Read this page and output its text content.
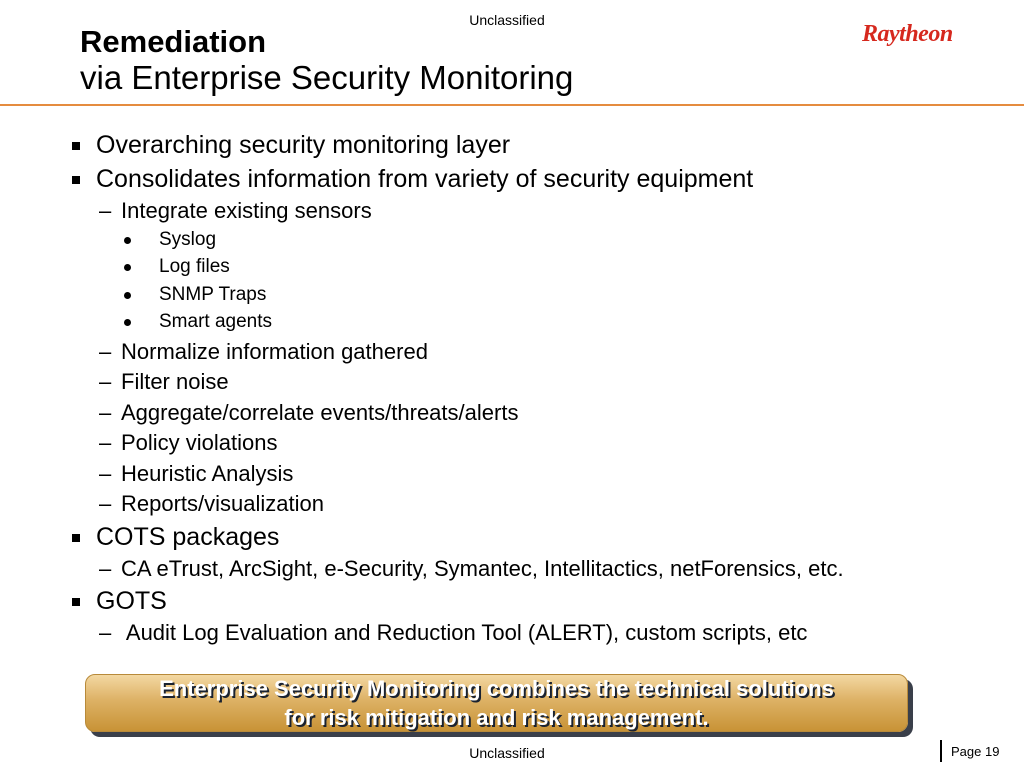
Unclassified
Remediation
via Enterprise Security Monitoring
Raytheon
Overarching security monitoring layer
Consolidates information from variety of security equipment
– Integrate existing sensors
Syslog
Log files
SNMP Traps
Smart agents
– Normalize information gathered
– Filter noise
– Aggregate/correlate events/threats/alerts
– Policy violations
– Heuristic Analysis
– Reports/visualization
COTS packages
– CA eTrust, ArcSight, e-Security, Symantec, Intellitactics, netForensics, etc.
GOTS
– Audit Log Evaluation and Reduction Tool (ALERT), custom scripts, etc
Enterprise Security Monitoring combines the technical solutions
for risk mitigation and risk management.
Unclassified	Page 19
